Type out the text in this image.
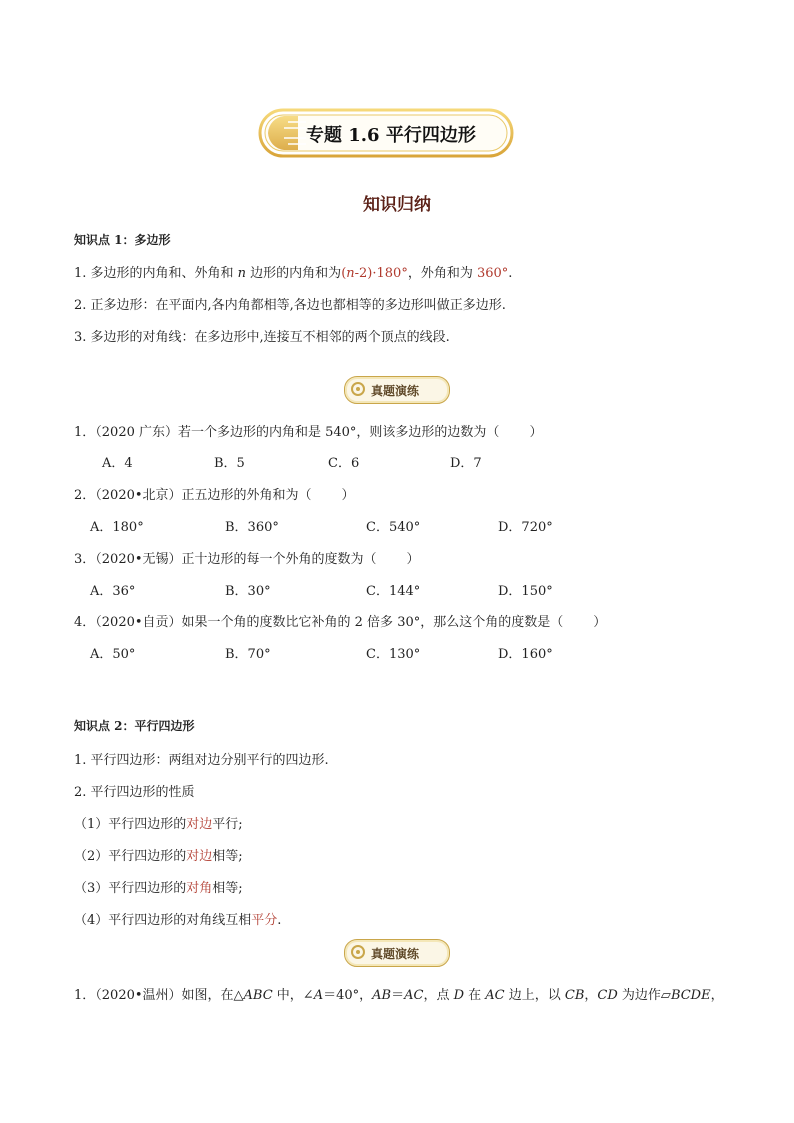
专题 1.6 平行四边形
知识归纳
知识点 1：多边形
1. 多边形的内角和、外角和 n 边形的内角和为(n-2)·180°，外角和为 360°.
2. 正多边形：在平面内,各内角都相等,各边也都相等的多边形叫做正多边形.
3. 多边形的对角线：在多边形中,连接互不相邻的两个顶点的线段.
真题演练
1．（2020 广东）若一个多边形的内角和是 540°，则该多边形的边数为（ ）
A．4	B．5	C．6	D．7
2．（2020•北京）正五边形的外角和为（ ）
A．180°	B．360°	C．540°	D．720°
3．（2020•无锡）正十边形的每一个外角的度数为（ ）
A．36°	B．30°	C．144°	D．150°
4．（2020•自贡）如果一个角的度数比它补角的 2 倍多 30°，那么这个角的度数是（ ）
A．50°	B．70°	C．130°	D．160°
知识点 2：平行四边形
1. 平行四边形：两组对边分别平行的四边形.
2. 平行四边形的性质
（1）平行四边形的对边平行;
（2）平行四边形的对边相等;
（3）平行四边形的对角相等;
（4）平行四边形的对角线互相平分.
真题演练
1．（2020•温州）如图，在△ABC 中，∠A＝40°，AB＝AC，点 D 在 AC 边上，以 CB，CD 为边作▱BCDE，
